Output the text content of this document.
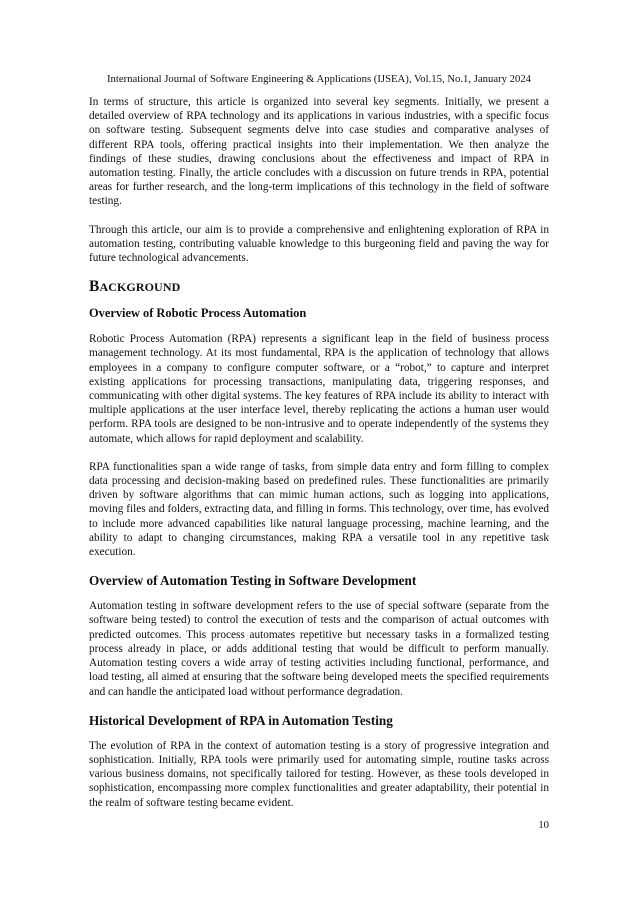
International Journal of Software Engineering & Applications (IJSEA), Vol.15, No.1, January 2024

In terms of structure, this article is organized into several key segments. Initially, we present a detailed overview of RPA technology and its applications in various industries, with a specific focus on software testing. Subsequent segments delve into case studies and comparative analyses of different RPA tools, offering practical insights into their implementation. We then analyze the findings of these studies, drawing conclusions about the effectiveness and impact of RPA in automation testing. Finally, the article concludes with a discussion on future trends in RPA, potential areas for further research, and the long-term implications of this technology in the field of software testing.

Through this article, our aim is to provide a comprehensive and enlightening exploration of RPA in automation testing, contributing valuable knowledge to this burgeoning field and paving the way for future technological advancements.

BACKGROUND
Overview of Robotic Process Automation

Robotic Process Automation (RPA) represents a significant leap in the field of business process management technology. At its most fundamental, RPA is the application of technology that allows employees in a company to configure computer software, or a “robot,” to capture and interpret existing applications for processing transactions, manipulating data, triggering responses, and communicating with other digital systems. The key features of RPA include its ability to interact with multiple applications at the user interface level, thereby replicating the actions a human user would perform. RPA tools are designed to be non-intrusive and to operate independently of the systems they automate, which allows for rapid deployment and scalability.

RPA functionalities span a wide range of tasks, from simple data entry and form filling to complex data processing and decision-making based on predefined rules. These functionalities are primarily driven by software algorithms that can mimic human actions, such as logging into applications, moving files and folders, extracting data, and filling in forms. This technology, over time, has evolved to include more advanced capabilities like natural language processing, machine learning, and the ability to adapt to changing circumstances, making RPA a versatile tool in any repetitive task execution.

Overview of Automation Testing in Software Development

Automation testing in software development refers to the use of special software (separate from the software being tested) to control the execution of tests and the comparison of actual outcomes with predicted outcomes. This process automates repetitive but necessary tasks in a formalized testing process already in place, or adds additional testing that would be difficult to perform manually. Automation testing covers a wide array of testing activities including functional, performance, and load testing, all aimed at ensuring that the software being developed meets the specified requirements and can handle the anticipated load without performance degradation.

Historical Development of RPA in Automation Testing

The evolution of RPA in the context of automation testing is a story of progressive integration and sophistication. Initially, RPA tools were primarily used for automating simple, routine tasks across various business domains, not specifically tailored for testing. However, as these tools developed in sophistication, encompassing more complex functionalities and greater adaptability, their potential in the realm of software testing became evident.

10
